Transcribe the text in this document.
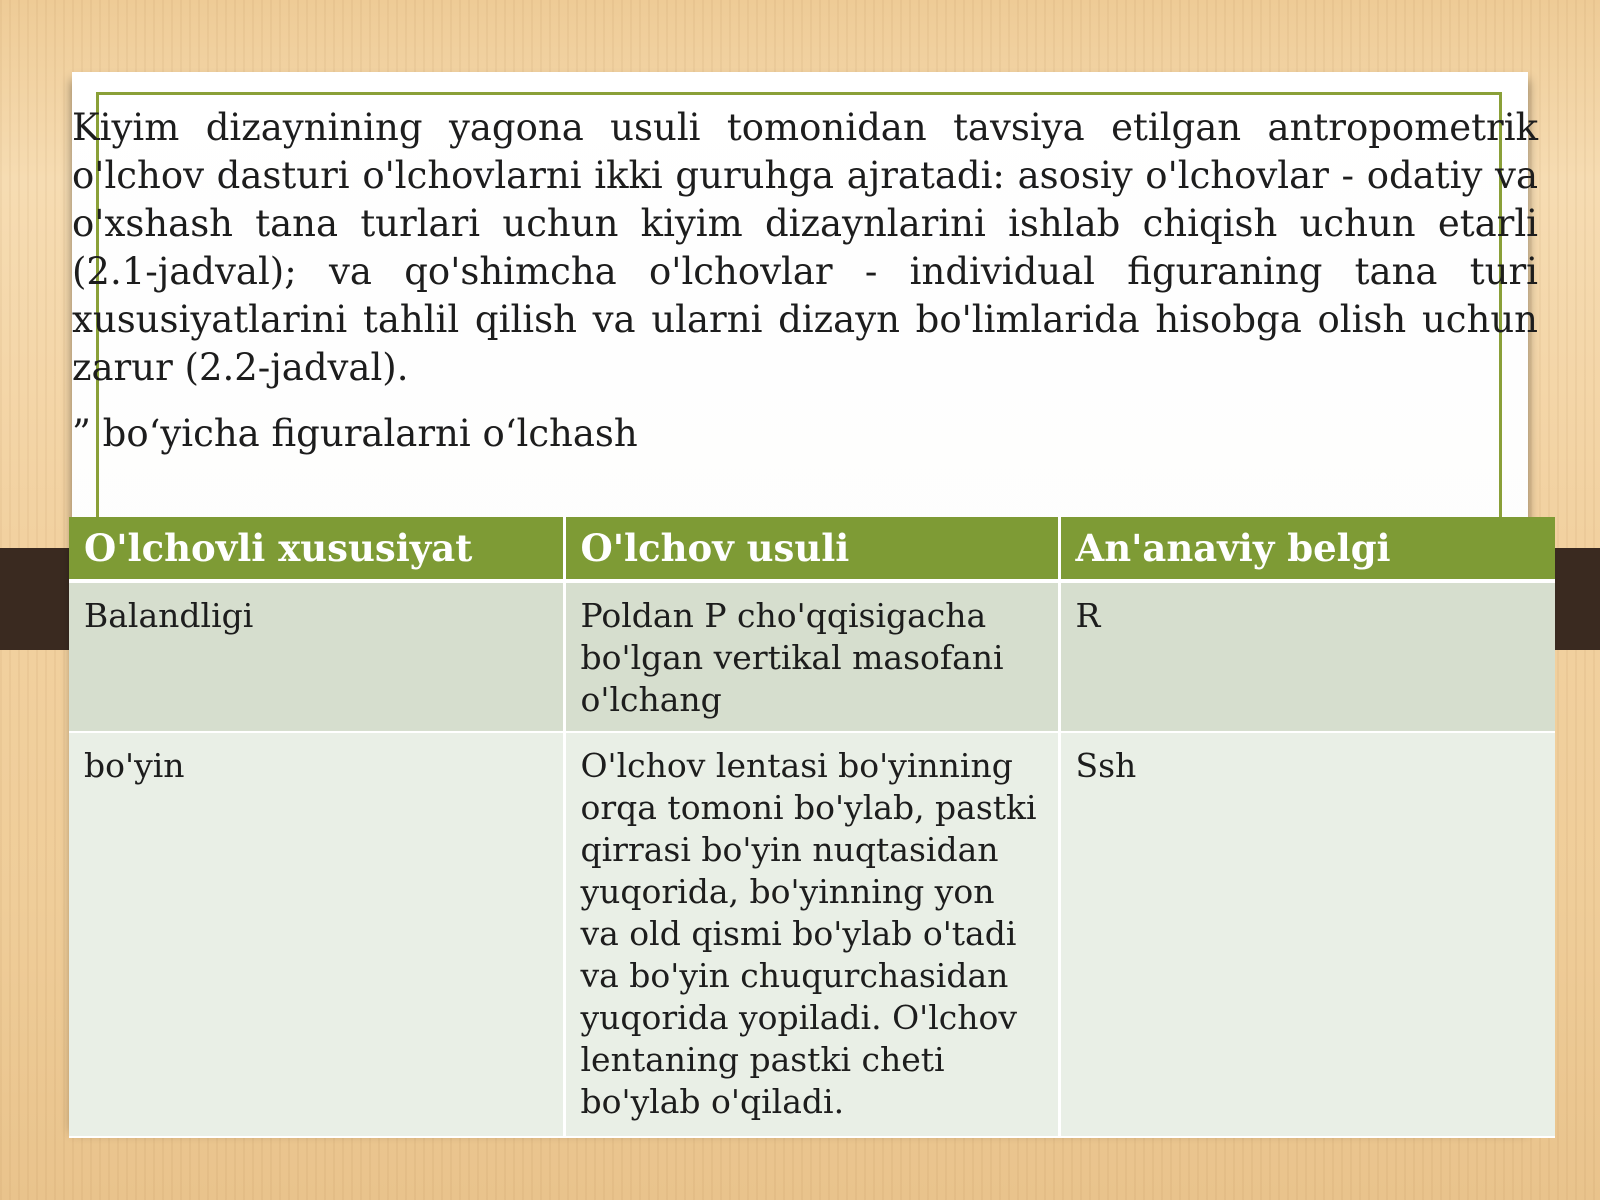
Kiyim dizaynining yagona usuli tomonidan tavsiya etilgan antropometrik o'lchov dasturi o'lchovlarni ikki guruhga ajratadi: asosiy o'lchovlar - odatiy va o'xshash tana turlari uchun kiyim dizaynlarini ishlab chiqish uchun etarli (2.1-jadval); va qo'shimcha o'lchovlar - individual figuraning tana turi xususiyatlarini tahlil qilish va ularni dizayn bo'limlarida hisobga olish uchun zarur (2.2-jadval).

” bo‘yicha figuralarni o‘lchash

O'lchovli xususiyat	O'lchov usuli	An'anaviy belgi
Balandligi	Poldan P cho'qqisigacha bo'lgan vertikal masofani o'lchang	R
bo'yin	O'lchov lentasi bo'yinning orqa tomoni bo'ylab, pastki qirrasi bo'yin nuqtasidan yuqorida, bo'yinning yon va old qismi bo'ylab o'tadi va bo'yin chuqurchasidan yuqorida yopiladi. O'lchov lentaning pastki cheti bo'ylab o'qiladi.	Ssh
